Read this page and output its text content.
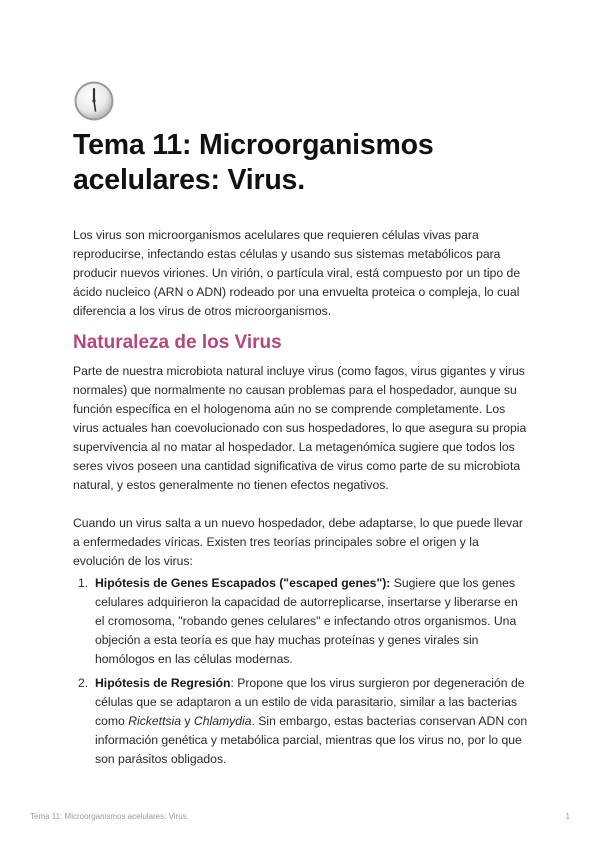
Tema 11: Microorganismos acelulares: Virus.

Los virus son microorganismos acelulares que requieren células vivas para reproducirse, infectando estas células y usando sus sistemas metabólicos para producir nuevos viriones. Un virión, o partícula viral, está compuesto por un tipo de ácido nucleico (ARN o ADN) rodeado por una envuelta proteica o compleja, lo cual diferencia a los virus de otros microorganismos.

Naturaleza de los Virus

Parte de nuestra microbiota natural incluye virus (como fagos, virus gigantes y virus normales) que normalmente no causan problemas para el hospedador, aunque su función específica en el hologenoma aún no se comprende completamente. Los virus actuales han coevolucionado con sus hospedadores, lo que asegura su propia supervivencia al no matar al hospedador. La metagenómica sugiere que todos los seres vivos poseen una cantidad significativa de virus como parte de su microbiota natural, y estos generalmente no tienen efectos negativos.

Cuando un virus salta a un nuevo hospedador, debe adaptarse, lo que puede llevar a enfermedades víricas. Existen tres teorías principales sobre el origen y la evolución de los virus:

1. Hipótesis de Genes Escapados ("escaped genes"): Sugiere que los genes celulares adquirieron la capacidad de autorreplicarse, insertarse y liberarse en el cromosoma, "robando genes celulares" e infectando otros organismos. Una objeción a esta teoría es que hay muchas proteínas y genes virales sin homólogos en las células modernas.

2. Hipótesis de Regresión: Propone que los virus surgieron por degeneración de células que se adaptaron a un estilo de vida parasitario, similar a las bacterias como Rickettsia y Chlamydia. Sin embargo, estas bacterias conservan ADN con información genética y metabólica parcial, mientras que los virus no, por lo que son parásitos obligados.

Tema 11: Microorganismos acelulares: Virus.	1
